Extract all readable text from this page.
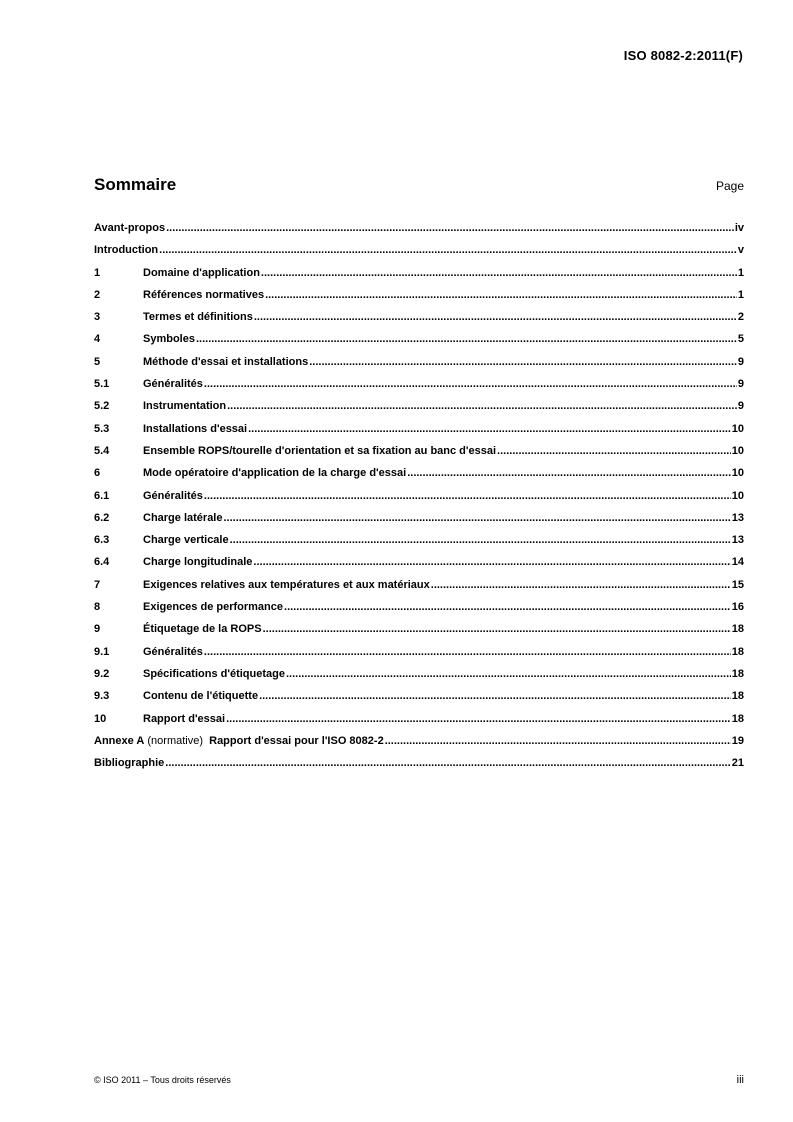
ISO 8082-2:2011(F)
Sommaire	Page
Avant-propos .....	iv
Introduction .....	v
1	Domaine d'application .....	1
2	Références normatives .....	1
3	Termes et définitions .....	2
4	Symboles .....	5
5	Méthode d'essai et installations .....	9
5.1	Généralités .....	9
5.2	Instrumentation .....	9
5.3	Installations d'essai .....	10
5.4	Ensemble ROPS/tourelle d'orientation et sa fixation au banc d'essai .....	10
6	Mode opératoire d'application de la charge d'essai .....	10
6.1	Généralités .....	10
6.2	Charge latérale .....	13
6.3	Charge verticale .....	13
6.4	Charge longitudinale .....	14
7	Exigences relatives aux températures et aux matériaux .....	15
8	Exigences de performance .....	16
9	Étiquetage de la ROPS .....	18
9.1	Généralités .....	18
9.2	Spécifications d'étiquetage .....	18
9.3	Contenu de l'étiquette .....	18
10	Rapport d'essai .....	18
Annexe A (normative)  Rapport d'essai pour l'ISO 8082-2 .....	19
Bibliographie .....	21
© ISO 2011 – Tous droits réservés	iii
